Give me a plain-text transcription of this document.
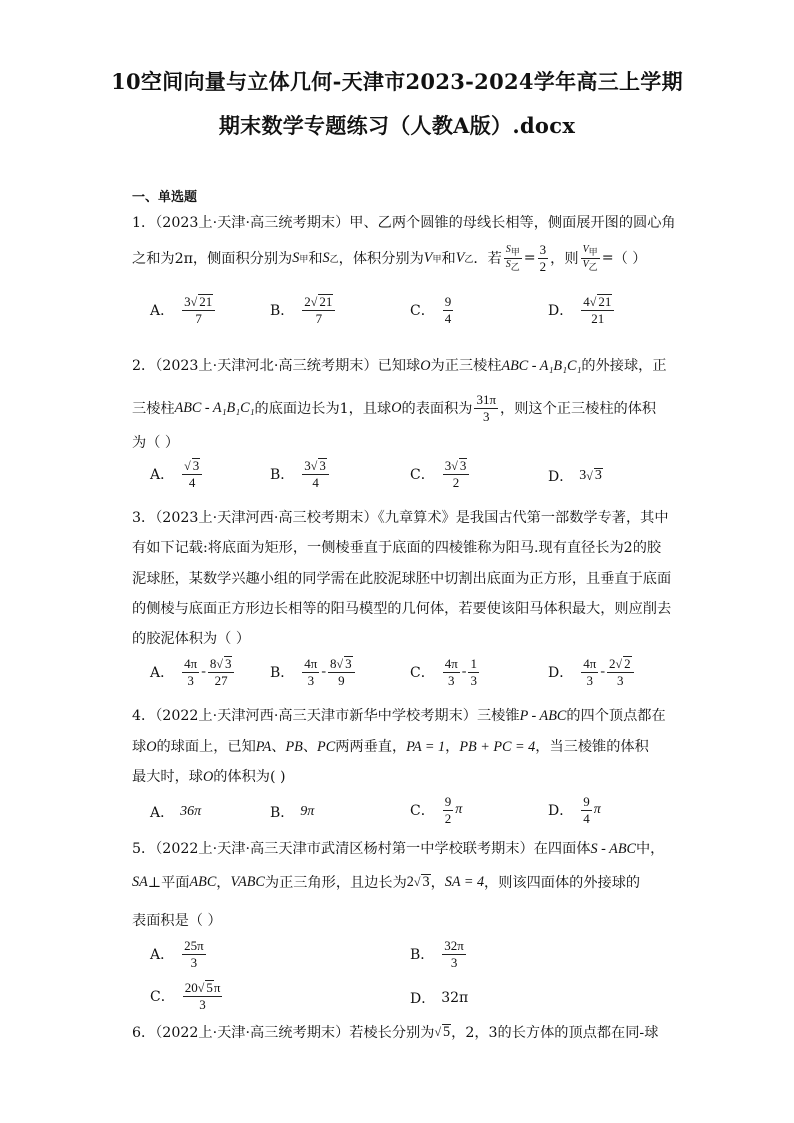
10空间向量与立体几何-天津市2023-2024学年高三上学期
期末数学专题练习（人教A版）.docx
一、单选题
1．（2023上·天津·高三统考期末）甲、乙两个圆锥的母线长相等，侧面展开图的圆心角
之和为2π，侧面积分别为 S 甲 和 S 乙 ，体积分别为 V 甲 和 V 乙 ．若 $\frac{\text{S甲}}{\text{S乙}} = \frac{3}{2}$ ，则 $\frac{\text{V甲}}{\text{V乙}}$ = （ ）
A． $\frac{3√ 21}{7}$	B． $\frac{2√ 21}{7}$	C． $\frac{9}{4}$	D． $\frac{4√ 21}{21}$
2．（2023上·天津河北·高三统考期末）已知球O为正三棱柱ABC - A₁B₁C₁的外接球，正
三棱柱 ABC - A₁B₁C₁ 的底面边长为1，且球 O 的表面积为 $\frac{31\pi}{3}$ ，则这个正三棱柱的体积
为（ ）
A． $\frac{√ 3}{4}$	B． $\frac{3√ 3}{4}$	C． $\frac{3√ 3}{2}$	D． 3 √ 3
3．（2023上·天津河西·高三校考期末）《九章算术》是我国古代第一部数学专著，其中
有如下记载:将底面为矩形，一侧棱垂直于底面的四棱锥称为阳马.现有直径长为2的胶
泥球胚，某数学兴趣小组的同学需在此胶泥球胚中切割出底面为正方形，且垂直于底面
的侧棱与底面正方形边长相等的阳马模型的几何体，若要使该阳马体积最大，则应削去
的胶泥体积为（ ）
A． $\frac{4\pi}{3} - \frac{8√ 3}{27}$	B． $\frac{4\pi}{3} - \frac{8√ 3}{9}$	C． $\frac{4\pi}{3} - \frac{1}{3}$	D． $\frac{4\pi}{3} - \frac{2√ 2}{3}$
4．（2022上·天津河西·高三天津市新华中学校考期末）三棱锥P - ABC的四个顶点都在
球O的球面上，已知PA、PB、PC两两垂直，PA = 1，PB + PC = 4，当三棱锥的体积
最大时，球O的体积为( )
A． 36π	B． 9π	C． $\frac{9}{2}$ π	D． $\frac{9}{4}$ π
5．（2022上·天津·高三天津市武清区杨村第一中学校联考期末）在四面体S - ABC中，
SA ⊥平面 ABC ， VABC 为正三角形，且边长为 2 √ 3 ， SA = 4 ，则该四面体的外接球的
表面积是（ ）
A． $\frac{25\pi}{3}$	B． $\frac{32\pi}{3}$
C． $\frac{20√ 5\pi}{3}$	D． 32π
6．（2022上·天津·高三统考期末）若棱长分别为 √ 5 ，2，3的长方体的顶点都在同-球
